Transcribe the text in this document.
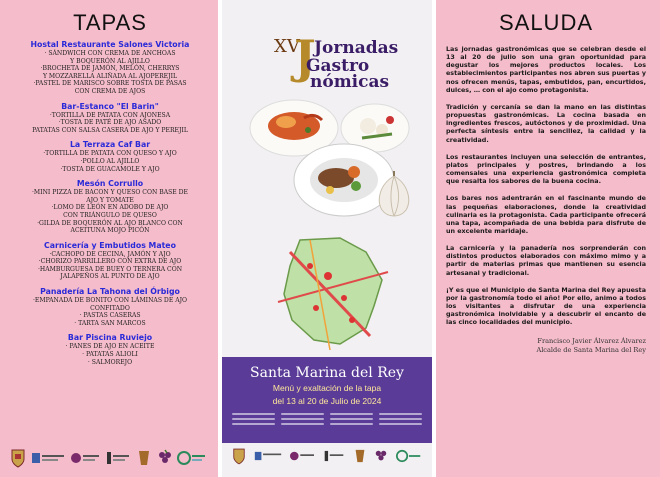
TAPAS
Hostal Restaurante Salones Victoria
· SÁNDWICH CON CREMA DE ANCHOAS
Y BOQUERÓN AL AJILLO
·BROCHETA DE JAMÓN, MELÓN, CHERRYS
Y MOZZARELLA ALIÑADA AL AJOPEREJIL
·PASTEL DE MARISCO SOBRE TOSTA DE PASAS
CON CREMA DE AJOS
Bar-Estanco "El Barin"
·TORTILLA DE PATATA CON AJONESA
·TOSTA DE PATÉ DE AJO ASADO
PATATAS CON SALSA CASERA DE AJO Y PEREJIL
La Terraza Caf Bar
·TORTILLA DE PATATA CON QUESO Y AJO
·POLLO AL AJILLO
·TOSTA DE GUACAMOLE Y AJO
Mesón Corrullo
·MINI PIZZA DE BACON Y QUESO CON BASE DE
AJO Y TOMATE
·LOMO DE LEÓN EN ADOBO DE AJO
CON TRIÁNGULO DE QUESO
·GILDA DE BOQUERÓN AL AJO BLANCO CON
ACEITUNA MOJO PICÓN
Carnicería y Embutidos Mateo
·CACHOPO DE CECINA, JAMÓN Y AJO
·CHORIZO PARRILLERO CON EXTRA DE AJO
·HAMBURGUESA DE BUEY O TERNERA CON
JALAPEÑOS AL PUNTO DE AJO
Panadería La Tahona del Órbigo
·EMPANADA DE BONITO CON LÁMINAS DE AJO
CONFITADO
· PASTAS CASERAS
· TARTA SAN MARCOS
Bar Piscina Ruviejo
· PANES DE AJO EN ACEITE
· PATATAS ALIOLI
· SALMOREJO
XV
J
Jornadas
Gastro
nómicas
Santa Marina del Rey
Menú y exaltación de la tapa
del 13 al 20 de Julio de 2024
SALUDA

Las jornadas gastronómicas que se celebran desde el 13 al 20 de julio son una gran oportunidad para degustar los mejores productos locales. Los establecimientos participantes nos abren sus puertas y nos ofrecen menús, tapas, embutidos, pan, encurtidos, dulces, … con el ajo como protagonista.

Tradición y cercanía se dan la mano en las distintas propuestas gastronómicas. La cocina basada en ingredientes frescos, autóctonos y de proximidad. Una perfecta síntesis entre la sencillez, la calidad y la creatividad.

Los restaurantes incluyen una selección de entrantes, platos principales y postres, brindando a los comensales una experiencia gastronómica completa que resalta los sabores de la buena cocina.

Los bares nos adentrarán en el fascinante mundo de las pequeñas elaboraciones, donde la creatividad culinaria es la protagonista. Cada participante ofrecerá una tapa, acompañada de una bebida para disfrute de un excelente maridaje.

La carnicería y la panadería nos sorprenderán con distintos productos elaborados con máximo mimo y a partir de materias primas que mantienen su esencia artesanal y tradicional.

¡Y es que el Municipio de Santa Marina del Rey apuesta por la gastronomía todo el año! Por ello, animo a todos los visitantes a disfrutar de una experiencia gastronómica inolvidable y a descubrir el encanto de las cinco localidades del municipio.

Francisco Javier Álvarez Álvarez
Alcalde de Santa Marina del Rey
